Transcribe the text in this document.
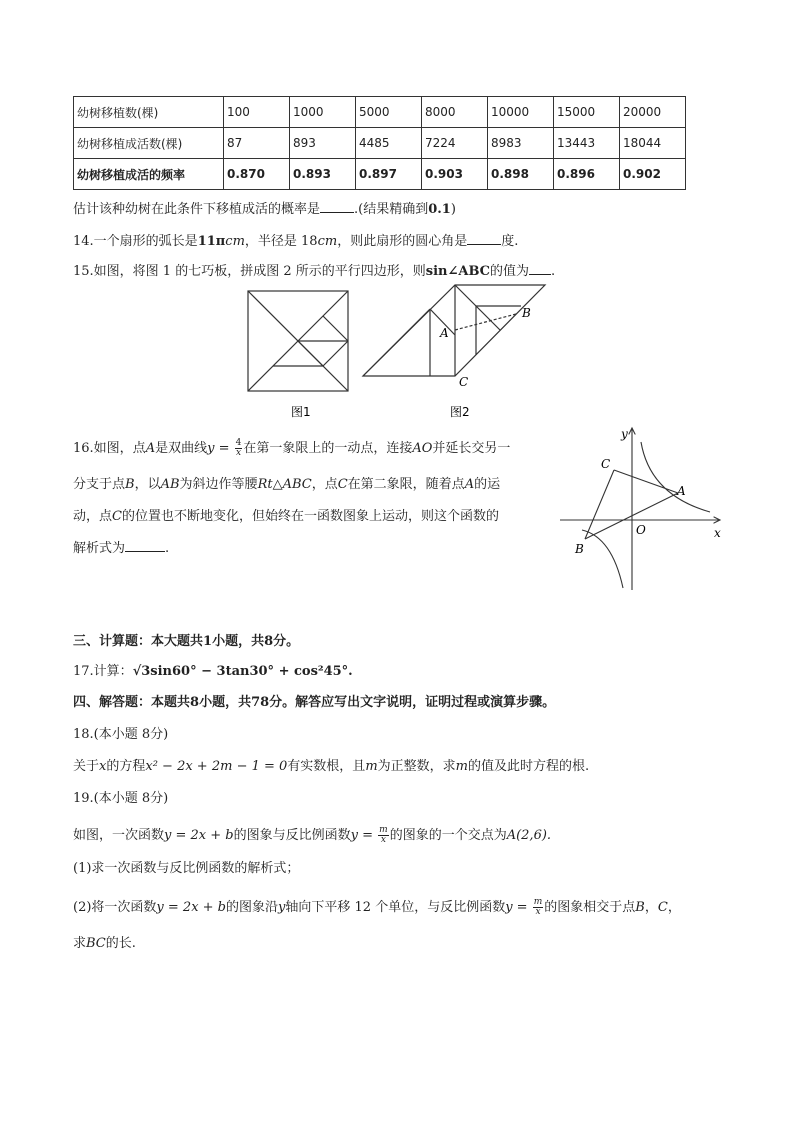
幼树移植数(棵)	100	1000	5000	8000	10000	15000	20000
幼树移植成活数(棵)	87	893	4485	7224	8983	13443	18044
幼树移植成活的频率	0.870	0.893	0.897	0.903	0.898	0.896	0.902
估计该种幼树在此条件下移植成活的概率是	.(结果精确到0.1)
14.一个扇形的弧长是11πcm，半径是 18cm，则此扇形的圆心角是	度.
15.如图，将图 1 的七巧板，拼成图 2 所示的平行四边形，则sin∠ABC的值为 .
图1	图2
A
B
C
16.如图，点A是双曲线$y = \frac{4}{x}$ 在第一象限上的一动点，连接AO并延长交另一
分支于点B，以AB为斜边作等腰Rt△ABC，点C在第二象限，随着点A的运
动，点C的位置也不断地变化，但始终在一函数图象上运动，则这个函数的
解析式为	.
y
x
O
A
B
C
三、计算题：本大题共1小题，共8分。
17.计算：√3sin60° − 3tan30° + cos²45°.
四、解答题：本题共8小题，共78分。解答应写出文字说明，证明过程或演算步骤。
18.(本小题 8分)
关于x的方程x² − 2x + 2m − 1 = 0有实数根，且m为正整数，求m的值及此时方程的根.
19.(本小题 8分)
如图，一次函数y = 2x + b的图象与反比例函数$y = \frac{m}{x}$ 的图象的一个交点为A(2,6).
(1)求一次函数与反比例函数的解析式；
(2)将一次函数y = 2x + b的图象沿y轴向下平移 12 个单位，与反比例函数$y = \frac{m}{x}$ 的图象相交于点B，C，
求BC的长.
